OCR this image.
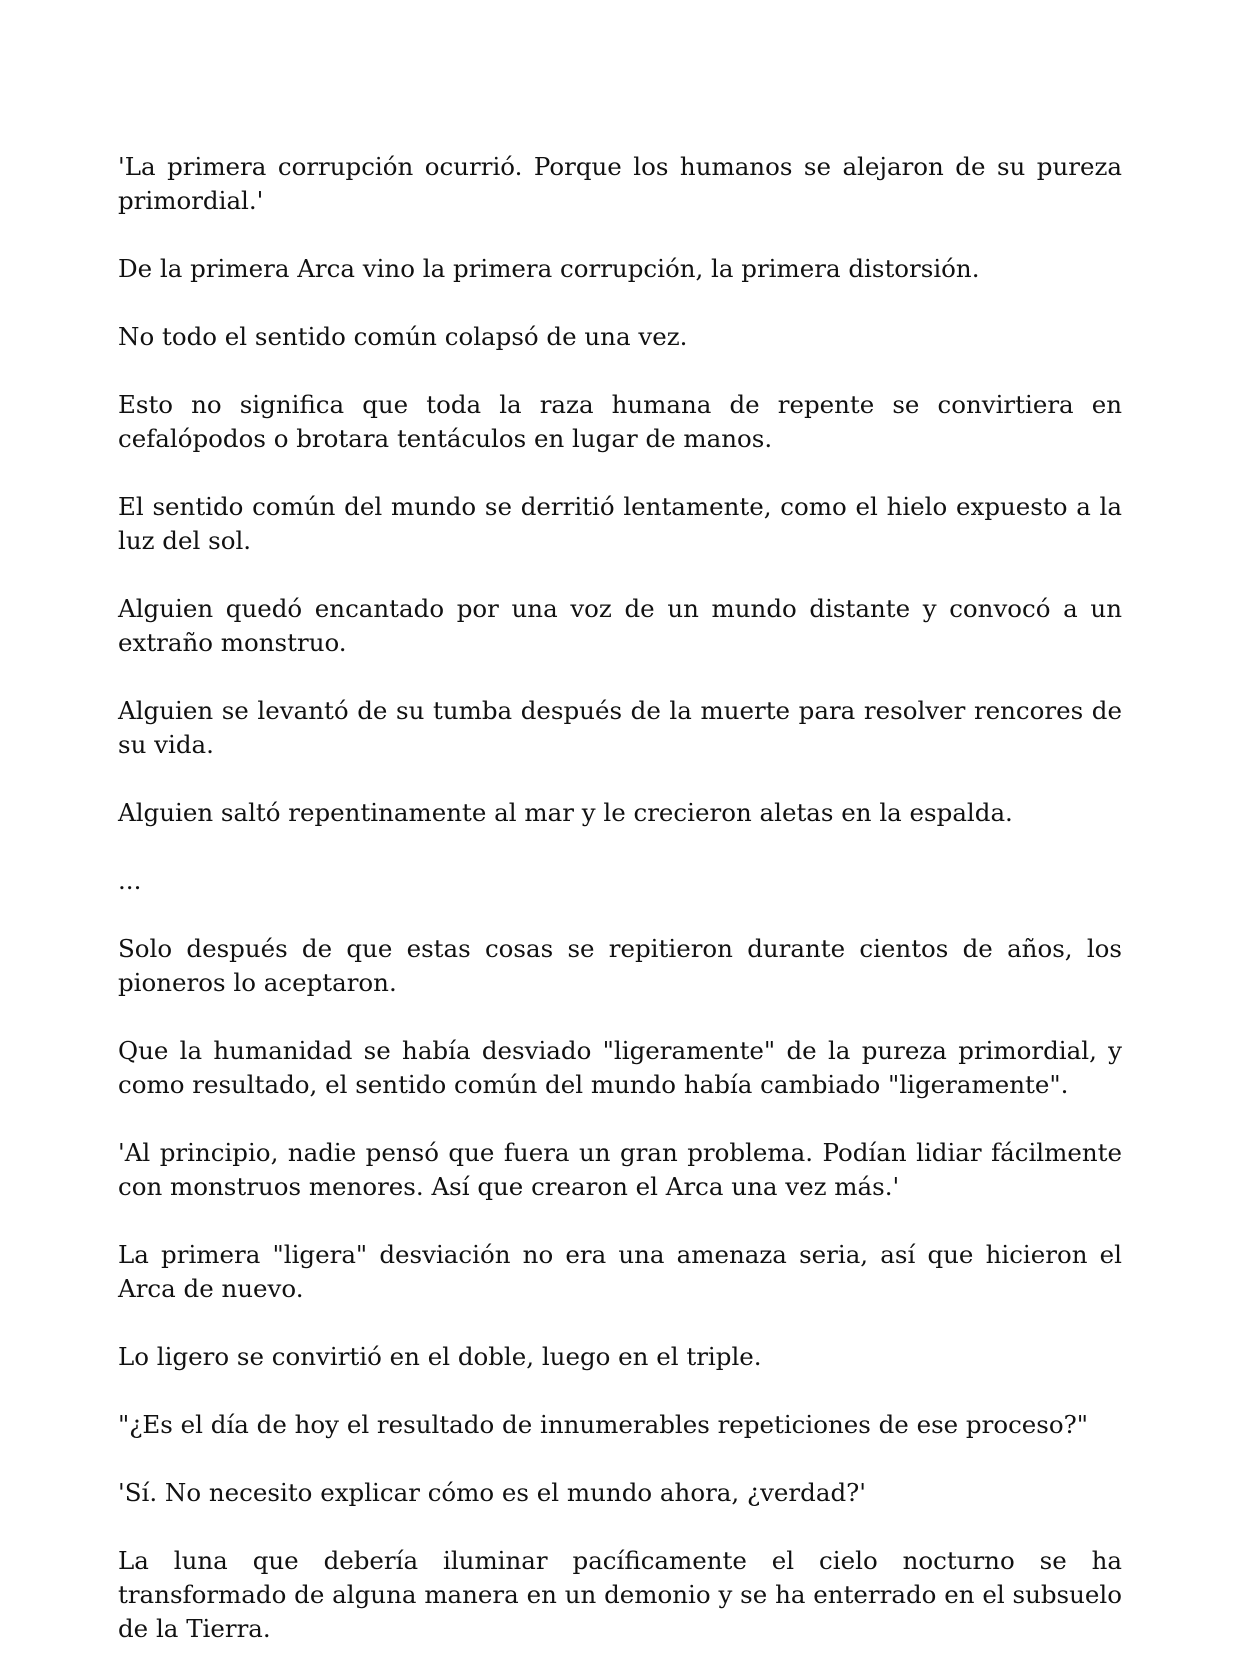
'La primera corrupción ocurrió. Porque los humanos se alejaron de su pureza primordial.'

De la primera Arca vino la primera corrupción, la primera distorsión.

No todo el sentido común colapsó de una vez.

Esto no significa que toda la raza humana de repente se convirtiera en cefalópodos o brotara tentáculos en lugar de manos.

El sentido común del mundo se derritió lentamente, como el hielo expuesto a la luz del sol.

Alguien quedó encantado por una voz de un mundo distante y convocó a un extraño monstruo.

Alguien se levantó de su tumba después de la muerte para resolver rencores de su vida.

Alguien saltó repentinamente al mar y le crecieron aletas en la espalda.

...

Solo después de que estas cosas se repitieron durante cientos de años, los pioneros lo aceptaron.

Que la humanidad se había desviado "ligeramente" de la pureza primordial, y como resultado, el sentido común del mundo había cambiado "ligeramente".

'Al principio, nadie pensó que fuera un gran problema. Podían lidiar fácilmente con monstruos menores. Así que crearon el Arca una vez más.'

La primera "ligera" desviación no era una amenaza seria, así que hicieron el Arca de nuevo.

Lo ligero se convirtió en el doble, luego en el triple.

"¿Es el día de hoy el resultado de innumerables repeticiones de ese proceso?"

'Sí. No necesito explicar cómo es el mundo ahora, ¿verdad?'

La luna que debería iluminar pacíficamente el cielo nocturno se ha transformado de alguna manera en un demonio y se ha enterrado en el subsuelo de la Tierra.
